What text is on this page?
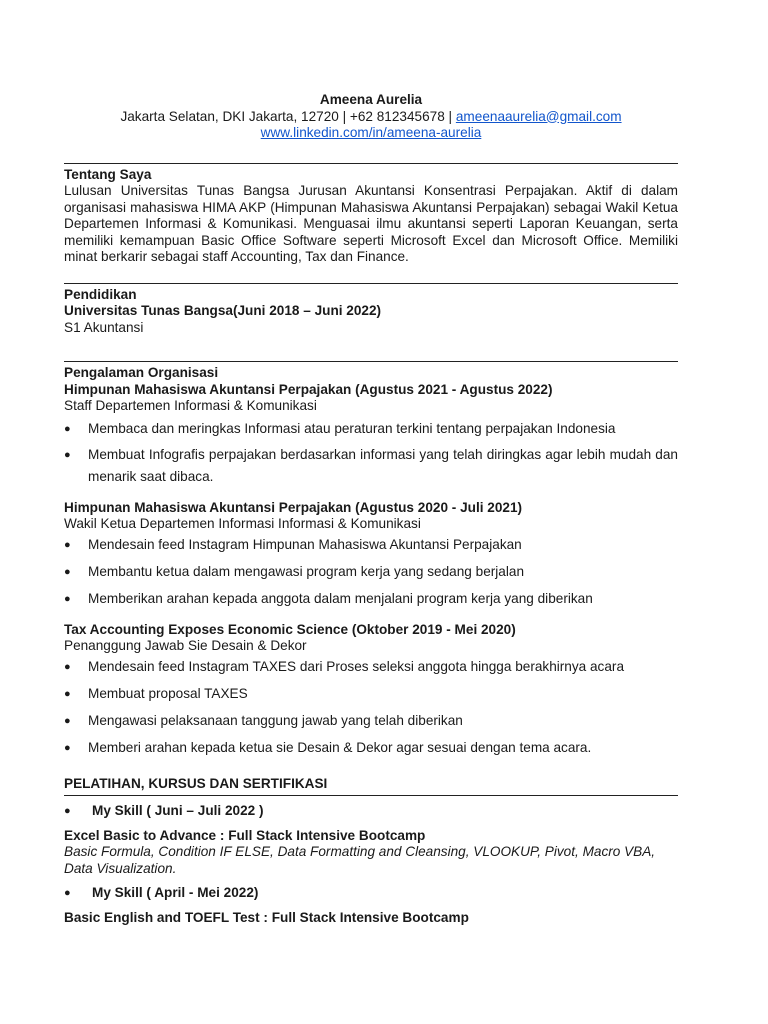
Ameena Aurelia
Jakarta Selatan, DKI Jakarta, 12720 | +62 812345678 | ameenaaurelia@gmail.com
www.linkedin.com/in/ameena-aurelia
Tentang Saya
Lulusan Universitas Tunas Bangsa Jurusan Akuntansi Konsentrasi Perpajakan. Aktif di dalam organisasi mahasiswa HIMA AKP (Himpunan Mahasiswa Akuntansi Perpajakan) sebagai Wakil Ketua Departemen Informasi & Komunikasi. Menguasai ilmu akuntansi seperti Laporan Keuangan, serta memiliki kemampuan Basic Office Software seperti Microsoft Excel dan Microsoft Office. Memiliki minat berkarir sebagai staff Accounting, Tax dan Finance.
Pendidikan
Universitas Tunas Bangsa(Juni 2018 – Juni 2022)
S1 Akuntansi
Pengalaman Organisasi
Himpunan Mahasiswa Akuntansi Perpajakan (Agustus 2021 - Agustus 2022)
Staff Departemen Informasi & Komunikasi
●	Membaca dan meringkas Informasi atau peraturan terkini tentang perpajakan Indonesia
●	Membuat Infografis perpajakan berdasarkan informasi yang telah diringkas agar lebih mudah dan menarik saat dibaca.
Himpunan Mahasiswa Akuntansi Perpajakan (Agustus 2020 - Juli 2021)
Wakil Ketua Departemen Informasi Informasi & Komunikasi
●	Mendesain feed Instagram Himpunan Mahasiswa Akuntansi Perpajakan
●	Membantu ketua dalam mengawasi program kerja yang sedang berjalan
●	Memberikan arahan kepada anggota dalam menjalani program kerja yang diberikan
Tax Accounting Exposes Economic Science (Oktober 2019 - Mei 2020)
Penanggung Jawab Sie Desain & Dekor
●	Mendesain feed Instagram TAXES dari Proses seleksi anggota hingga berakhirnya acara
●	Membuat proposal TAXES
●	Mengawasi pelaksanaan tanggung jawab yang telah diberikan
●	Memberi arahan kepada ketua sie Desain & Dekor agar sesuai dengan tema acara.
PELATIHAN, KURSUS DAN SERTIFIKASI
● My Skill ( Juni – Juli 2022 )
Excel Basic to Advance : Full Stack Intensive Bootcamp
Basic Formula, Condition IF ELSE, Data Formatting and Cleansing, VLOOKUP, Pivot, Macro VBA, Data Visualization.
● My Skill ( April - Mei 2022)
Basic English and TOEFL Test : Full Stack Intensive Bootcamp
